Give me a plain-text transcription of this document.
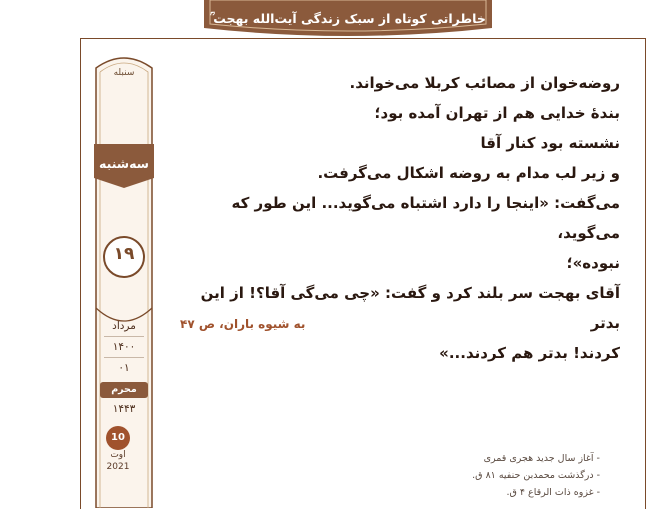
خاطراتی کوتاه از سبک زندگی آیت‌الله بهجت ؒ
سنبله
سه‌شنبه
۱۹
مرداد
۱۴۰۰
۰۱
محرم
۱۴۴۳
10
اوت
2021

روضه‌خوان از مصائب کربلا می‌خواند.

بندهٔ خدایی هم از تهران آمده بود؛

نشسته بود کنار آقا

و زیر لب مدام به روضه اشکال می‌گرفت.

می‌گفت: «اینجا را دارد اشتباه می‌گوید... این طور که می‌گوید،

نبوده»؛

آقای بهجت سر بلند کرد و گفت: «چی می‌گی آقا؟! از این بدتر

کردند! بدتر هم کردند...»

به شیوه باران، ص ۴۷
- آغاز سال جدید هجری قمری
- درگذشت محمدبن حنفیه ۸۱ ق.
- غزوه ذات الرقاع ۴ ق.
